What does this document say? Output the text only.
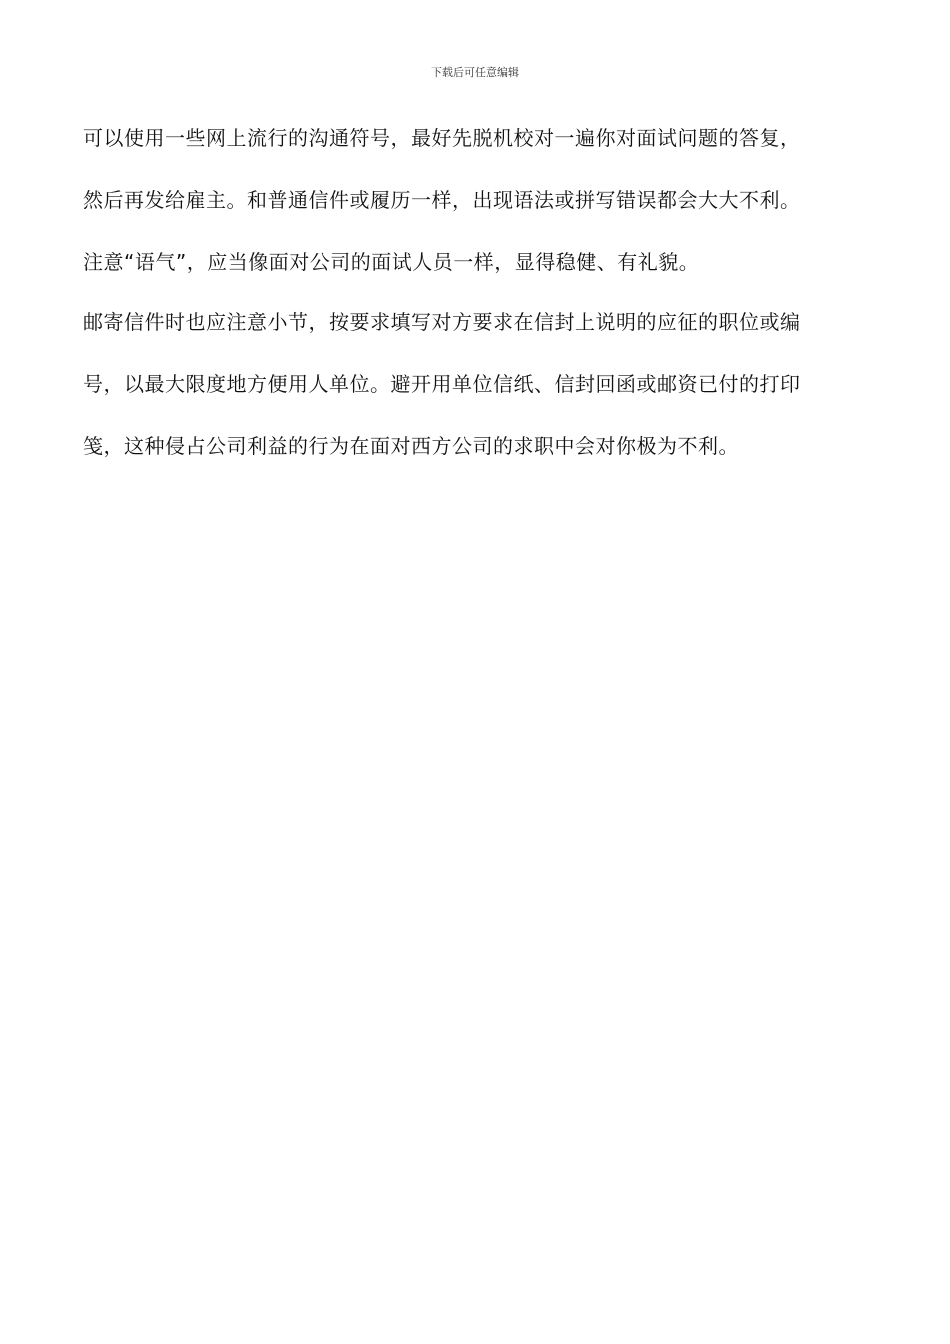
下载后可任意编辑
可以使用一些网上流行的沟通符号，最好先脱机校对一遍你对面试问题的答复，
然后再发给雇主。和普通信件或履历一样，出现语法或拼写错误都会大大不利。
注意“语气”，应当像面对公司的面试人员一样，显得稳健、有礼貌。
邮寄信件时也应注意小节，按要求填写对方要求在信封上说明的应征的职位或编
号，以最大限度地方便用人单位。避开用单位信纸、信封回函或邮资已付的打印
笺，这种侵占公司利益的行为在面对西方公司的求职中会对你极为不利。
